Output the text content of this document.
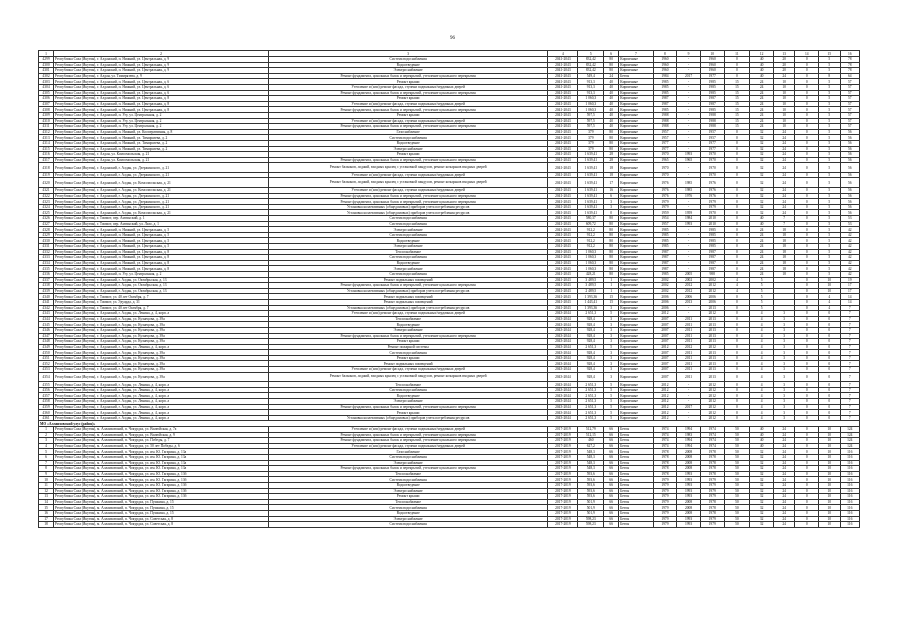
96
1	2	3	4	5	6	7	8	9	10	11	12	13	14	15	16
4299	Республика Саха (Якутия), г. Алданский, п. Нижний, ул. Центральная, д. 9	Система водоснабжения	2041-2043	832,42	80	Кирпичные	1960	-	1960	0	40	20	0	5	78
4300	Республика Саха (Якутия), г. Алданский, п. Нижний, ул. Центральная, д. 9	Водоотведение	2041-2043	832,42	80	Кирпичные	1960	-	1960	0	40	20	0	5	78
4301	Республика Саха (Якутия), г. Алданский, п. Нижний, ул. Центральная, д. 9	Электроснабжение	2041-2043	832,42	80	Кирпичные	1960	-	1960	0	40	20	0	5	78
4302	Республика Саха (Якутия), г. Алдан, ул. Тимирязева, д. 9	Ремонт фундамента, цокольных балок и перекрытий, утепление цокольного перекрытия	2041-2043	549,4	24	Бетон	1984	2017	1977	0	40	24	0	8	64
4303	Республика Саха (Якутия), г. Алданский, п. Нижний, ул. Центральная, д. 6	Ремонт крыши	2041-2043	913,3	40	Кирпичные	1985	-	1985	15	24	10	0	5	57
4304	Республика Саха (Якутия), г. Алданский, п. Нижний, ул. Центральная, д. 6	Утепление и (или) ремонт фасада, ступени подвальных/чердачных дверей	2041-2043	913,3	40	Кирпичные	1985	-	1985	15	24	10	0	5	57
4305	Республика Саха (Якутия), г. Алданский, п. Нижний, ул. Центральная, д. 6	Ремонт фундамента, цокольных балок и перекрытий, утепление цокольного перекрытия	2041-2043	913,3	40	Кирпичные	1985	-	1985	15	24	10	0	5	57
4306	Республика Саха (Якутия), г. Алданский, п. Нижний, ул. Центральная, д. 8	Ремонт крыши	2041-2043	1 060,3	40	Кирпичные	1987	-	1987	15	24	10	0	5	57
4307	Республика Саха (Якутия), г. Алданский, п. Нижний, ул. Центральная, д. 8	Утепление и (или) ремонт фасада, ступени подвальных/чердачных дверей	2041-2043	1 060,3	40	Кирпичные	1987	-	1987	15	24	10	0	5	57
4308	Республика Саха (Якутия), г. Алданский, п. Нижний, ул. Центральная, д. 8	Ремонт фундамента, цокольных балок и перекрытий, утепление цокольного перекрытия	2041-2043	1 060,3	40	Кирпичные	1985	-	1985	15	24	10	0	5	57
4309	Республика Саха (Якутия), г. Алданский, п. Угу, ул. Центральная, д. 2	Ремонт крыши	2041-2043	597,5	40	Кирпичные	1988	-	1988	15	24	10	0	5	57
4310	Республика Саха (Якутия), г. Алданский, п. Угу, ул. Центральная, д. 2	Утепление и (или) ремонт фасада, ступени подвальных/чердачных дверей	2041-2043	597,5	40	Кирпичные	1988	-	1988	15	24	10	0	5	57
4311	Республика Саха (Якутия), г. Алданский, п. Угу, ул. Центральная, д. 2	Ремонт фундамента, цокольных балок и перекрытий, утепление цокольного перекрытия	2041-2043	597,5	40	Кирпичные	1988	-	1988	15	24	10	0	5	57
4312	Республика Саха (Якутия), г. Алданский, п. Нижний, ул. Кооперативная, д. 8	Газоснабжение	2041-2043	379	80	Кирпичные	1957	-	1957	0	32	24	0	5	56
4313	Республика Саха (Якутия), г. Алданский, п. Нижний, ул. Тимирязева, д. 2	Система водоснабжения	2041-2043	379	80	Кирпичные	1957	-	1957	0	32	24	0	5	56
4314	Республика Саха (Якутия), г. Алданский, п. Нижний, ул. Тимирязева, д. 2	Водоотведение	2041-2043	379	80	Кирпичные	1977	-	1977	0	32	24	0	5	56
4315	Республика Саха (Якутия), г. Алданский, п. Нижний, ул. Тимирязева, д. 2	Электроснабжение	2041-2043	379	80	Кирпичные	1977	-	1977	0	32	24	0	5	56
4316	Республика Саха (Якутия), г. Алдан, ул. Комсомольская, д. 21	Ремонт крыши	2041-2043	1 639,41	28	Кирпичные	1970	1993	1970	0	32	24	0	5	56
4317	Республика Саха (Якутия), г. Алдан, ул. Комсомольская, д. 21	Ремонт фундамента, цокольных балок и перекрытий, утепление цокольного перекрытия	2041-2043	1 639,41	28	Кирпичные	1965	1965	1970	0	32	24	0	5	56
4318	Республика Саха (Якутия), г. Алданский, г. Алдан, ул. Дзержинского, д. 21	Ремонт балконов, лоджий, входных крылец с установкой пандусов, ремонт козырьков входных дверей	2041-2043	1 639,41	18	Кирпичные	1970	-	1970	0	32	24	0	5	56
4319	Республика Саха (Якутия), г. Алданский, г. Алдан, ул. Дзержинского, д. 21	Утепление и (или) ремонт фасада, ступени подвальных/чердачных дверей	2041-2043	1 639,41	18	Кирпичные	1970	-	1970	0	32	24	0	5	56
4320	Республика Саха (Якутия), г. Алданский, г. Алдан, ул. Комсомольская, д. 21	Ремонт балконов, лоджий, входных крылец с установкой пандусов, ремонт козырьков входных дверей	2041-2043	1 639,41	17	Кирпичные	1976	1985	1976	0	32	24	0	5	56
4321	Республика Саха (Якутия), г. Алданский, г. Алдан, ул. Комсомольская, д. 21	Утепление и (или) ремонт фасада, ступени подвальных/чердачных дверей	2041-2043	1 639,41	16	Кирпичные	1976	1985	1976	0	32	24	0	5	56
4322	Республика Саха (Якутия), г. Алданский, г. Алдан, ул. Дзержинского, д. 21	Ремонт фундамента, цокольных балок и перекрытий, утепление цокольного перекрытия	2041-2043	1 639,41	6	Кирпичные	1976	1976	1976	0	32	24	0	5	56
4323	Республика Саха (Якутия), г. Алданский, г. Алдан, ул. Дзержинского, д. 21	Ремонт фундамента, цокольных балок и перекрытий, утепление цокольного перекрытия	2041-2043	1 639,41	3	Кирпичные	1979	-	1979	0	32	24	0	5	56
4324	Республика Саха (Якутия), г. Алданский, г. Алдан, ул. Дзержинского, д. 21	Установка коллективных (общедомовых) приборов учета потребления ресурсов	2041-2043	1 639,41	3	Кирпичные	1979	-	1979	0	32	24	0	5	56
4325	Республика Саха (Якутия), г. Алданский, г. Алдан, ул. Комсомольская, д. 21	Установка коллективных (общедомовых) приборов учета потребления ресурсов	2041-2043	1 639,41	0	Кирпичные	1959	1959	1970	0	32	24	0	5	56
4326	Республика Саха (Якутия), г. Томмот, пер. Амгинский, д. 1	Система водоснабжения	2041-2043	580,37	80	Кирпичные	1954	1984	2010	0	40	7	0	5	53
4327	Республика Саха (Якутия), г. Томмот, пер. Амгинский, ул. Лазо, д. 1	Система водоснабжения	2041-2043	609,72	80	Кирпичные	1957	1993	2010	0	40	7	0	5	53
4328	Республика Саха (Якутия), г. Алданский, п. Нижний, ул. Центральная, д. 5	Электроснабжение	2041-2043	912,2	80	Кирпичные	1985	-	1985	0	24	18	0	5	42
4329	Республика Саха (Якутия), г. Алданский, п. Нижний, ул. Центральная, д. 5	Система водоснабжения	2041-2043	912,2	80	Кирпичные	1985	-	1985	0	24	18	0	5	42
4330	Республика Саха (Якутия), г. Алданский, п. Нижний, ул. Центральная, д. 5	Водоотведение	2041-2043	912,2	80	Кирпичные	1985	-	1985	0	24	18	0	5	42
4331	Республика Саха (Якутия), г. Алданский, п. Нижний, ул. Центральная, д. 5	Электроснабжение	2041-2043	912,2	80	Кирпичные	1985	-	1985	0	24	18	0	5	42
4332	Республика Саха (Якутия), г. Алданский, п. Нижний, ул. Центральная, д. 8	Теплоснабжение	2041-2043	1 060,3	80	Кирпичные	1987	-	1987	0	24	18	0	5	42
4333	Республика Саха (Якутия), г. Алданский, п. Нижний, ул. Центральная, д. 8	Система водоснабжения	2041-2043	1 060,3	80	Кирпичные	1987	-	1987	0	24	18	0	5	42
4334	Республика Саха (Якутия), г. Алданский, п. Нижний, ул. Центральная, д. 8	Водоотведение	2041-2043	1 060,3	80	Кирпичные	1987	-	1987	0	24	18	0	5	42
4335	Республика Саха (Якутия), г. Алданский, п. Нижний, ул. Центральная, д. 8	Электроснабжение	2041-2043	1 060,3	80	Кирпичные	1987	-	1987	0	24	18	0	5	42
4336	Республика Саха (Якутия), г. Алданский, п. Угу, ул. Центральная, д. 2	Система водоснабжения	2041-2043	428,21	80	Кирпичные	1985	2005	988	0	24	18	0	5	42
4337	Республика Саха (Якутия), г. Алданский, г. Алдан, ул. Октябрьская, д. 13	Ремонт подвальных помещений	2041-2043	3 489,5	1	Кирпичные	2002	2002	2002	4	5		0	10	19
4338	Республика Саха (Якутия), г. Алданский, г. Алдан, ул. Октябрьская, д. 13	Ремонт фундамента, цокольных балок и перекрытий, утепление цокольного перекрытия	2041-2043	3 489,5	1	Кирпичные	2002	2012	2012	4	5		0	10	17
4339	Республика Саха (Якутия), г. Алданский, г. Алдан, ул. Октябрьская, д. 13	Установка коллективных (общедомовых) приборов учета потребления ресурсов	2041-2043	2 489,5	1	Кирпичные	2002	2012	2012	4	5		0	10	17
4340	Республика Саха (Якутия), г. Томмот, ул. 40 лет Октября, д. 7	Ремонт подвальных помещений	2041-2043	1 393,36	15	Кирпичные	2006	2006	2006	0	5		0	4	14
4341	Республика Саха (Якутия), г. Томмот, ул. Эдуарда, д. 31	Ремонт подвальных помещений	2041-2043	1 443,41	15	Кирпичные	2006	2013	2006	0	5		0	4	14
4342	Республика Саха (Якутия), г. Томмот, ул. 40 лет Октября, д. 7	Установка коллективных (общедомовых) приборов учета потребления ресурсов	2041-2043	1 393,36	3	Кирпичные	2006	-	2013	0	5		0	4	7
4343	Республика Саха (Якутия), г. Алданский, г. Алдан, ул. Ленина, д. 4, корп. а	Утепление и (или) ремонт фасада, ступени подвальных/чердачных дверей	2043-2044	2 651,3	5	Кирпичные	2012	-	2012	0	4	3	0	0	7
4344	Республика Саха (Якутия), г. Алданский, г. Алдан, ул. Кузнецова, д. 39а	Теплоснабжение	2043-2044	928,4	3	Кирпичные	2007	2011	2013	0	4	3	0	0	7
4345	Республика Саха (Якутия), г. Алданский, г. Алдан, ул. Кузнецова, д. 39а	Водоотведение	2043-2044	928,4	3	Кирпичные	2007	2011	2013	0	4	3	0	0	7
4346	Республика Саха (Якутия), г. Алданский, г. Алдан, ул. Кузнецова, д. 39а	Электроснабжение	2043-2044	928,4	3	Кирпичные	2007	2011	2013	0	4	3	0	0	7
4347	Республика Саха (Якутия), г. Алданский, г. Алдан, ул. Кузнецова, д. 39а	Ремонт фундамента, цокольных балок и перекрытий, утепление цокольного перекрытия	2043-2044	928,4	3	Кирпичные	2007	2011	2013	0	4	3	0	0	7
4348	Республика Саха (Якутия), г. Алданский, г. Алдан, ул. Кузнецова, д. 39а	Ремонт крыши	2043-2044	928,4	3	Кирпичные	2007	2011	2013	0	4	3	0	0	7
4349	Республика Саха (Якутия), г. Алданский, г. Алдан, ул. Ленина, д. 4, корп. а	Ремонт пожарной системы	2043-2044	2 651,3	5	Кирпичные	2012	2012	2012	0	4	3	0	0	7
4350	Республика Саха (Якутия), г. Алданский, г. Алдан, ул. Кузнецова, д. 39а	Система водоснабжения	2043-2044	928,4	3	Кирпичные	2007	2011	2013	0	4	3	0	0	7
4351	Республика Саха (Якутия), г. Алданский, г. Алдан, ул. Кузнецова, д. 39а	Ремонт крыши	2043-2044	928,4	3	Кирпичные	2007	2011	2013	0	4	3	0	0	7
4352	Республика Саха (Якутия), г. Алданский, г. Алдан, ул. Кузнецова, д. 39а	Ремонт подвальных помещений	2043-2044	928,4	3	Кирпичные	2007	2011	2013	0	4	3	0	0	7
4353	Республика Саха (Якутия), г. Алданский, г. Алдан, ул. Кузнецова, д. 39а	Утепление и (или) ремонт фасада, ступени подвальных/чердачных дверей	2043-2044	928,4	3	Кирпичные	2007	2011	2013	0	4	3	0	0	7
4354	Республика Саха (Якутия), г. Алданский, г. Алдан, ул. Кузнецова, д. 39а	Ремонт балконов, лоджий, входных крылец с установкой пандусов, ремонт козырьков входных дверей	2043-2044	928,4	3	Кирпичные	2007	2011	2013	0	4	3	0	0	7
4355	Республика Саха (Якутия), г. Алданский, г. Алдан, ул. Ленина, д. 4, корп. а	Теплоснабжение	2043-2044	2 651,3	5	Кирпичные	2012	-	2012	0	4	3	0	0	7
4356	Республика Саха (Якутия), г. Алданский, г. Алдан, ул. Ленина, д. 4, корп. а	Система водоснабжения	2043-2044	2 651,3	5	Кирпичные	2012	-	2012	0	4	3	0	0	7
4357	Республика Саха (Якутия), г. Алданский, г. Алдан, ул. Ленина, д. 4, корп. а	Водоотведение	2043-2044	2 651,3	5	Кирпичные	2012	-	2012	0	4	3	0	0	7
4358	Республика Саха (Якутия), г. Алданский, г. Алдан, ул. Ленина, д. 4, корп. а	Электроснабжение	2043-2044	2 651,3	5	Кирпичные	2012	-	2012	0	4	3	0	0	7
4359	Республика Саха (Якутия), г. Алданский, г. Алдан, ул. Ленина, д. 4, корп. а	Ремонт фундамента, цокольных балок и перекрытий, утепление цокольного перекрытия	2043-2044	2 651,3	5	Кирпичные	2012	2017	2012	0	4	3	0	0	7
4360	Республика Саха (Якутия), г. Алданский, г. Алдан, ул. Ленина, д. 4, корп. а	Ремонт крыши	2043-2044	2 651,3	5	Кирпичные	2012	-	2012	0	4	3	0	0	7
4361	Республика Саха (Якутия), г. Алданский, г. Алдан, ул. Ленина, д. 4, корп. а	Установка коллективных (общедомовых) приборов учета потребления ресурсов	2043-2044	2 651,3	5	Кирпичные	2012	-	2012	0	4	3	0	0	7
МО «Аллаиховский улус (район)»															
1	Республика Саха (Якутия), м. Аллаиховский, п. Чокурдах, ул. Вилюйская, д. 7а	Утепление и (или) ремонт фасада, ступени подвальных/чердачных дверей	2017-2019	512,79	66	Бетон	1974	1994	1974	50	40	24	0	10	124
2	Республика Саха (Якутия), м. Аллаиховский, п. Чокурдах, ул. Вилюйская, д. 9	Ремонт фундамента, цокольных балок и перекрытий, утепление цокольного перекрытия	2017-2019	512,15	66	Бетон	1974	1983	1974	50	40	24	0	10	124
3	Республика Саха (Якутия), м. Аллаиховский, п. Чокурдах, ул. Победы, д. 7	Ремонт фундамента, цокольных балок и перекрытий, утепление цокольного перекрытия	2017-2019	460	66	Бетон	1974	1994	1974	50	40	24	0	10	124
4	Республика Саха (Якутия), м. Аллаиховский, п. Чокурдах, ул. 50 лет Победы, д. 6	Утепление и (или) ремонт фасада, ступени подвальных/чердачных дверей	2017-2019	627,2	66	Бетон	1974	1994	1974	50	40	24	0	10	124
5	Республика Саха (Якутия), м. Аллаиховский, п. Чокурдах, ул. им. Ю. Гагарина, д. 13а	Газоснабжение	2017-2019	548,3	66	Бетон	1978	2008	1978	50	32	24	0	10	116
6	Республика Саха (Якутия), м. Аллаиховский, п. Чокурдах, ул. им. Ю. Гагарина, д. 13а	Система водоснабжения	2017-2019	548,3	66	Бетон	1978	2008	1978	50	32	24	0	10	116
7	Республика Саха (Якутия), м. Аллаиховский, п. Чокурдах, ул. им. Ю. Гагарина, д. 13а	Электроснабжение	2017-2019	548,3	66	Бетон	1978	2008	1978	50	32	24	0	10	116
8	Республика Саха (Якутия), м. Аллаиховский, п. Чокурдах, ул. им. Ю. Гагарина, д. 13а	Ремонт фундамента, цокольных балок и перекрытий, утепление цокольного перекрытия	2017-2019	548,3	66	Бетон	1978	2008	1978	50	32	24	0	10	116
9	Республика Саха (Якутия), м. Аллаиховский, п. Чокурдах, ул. им. Ю. Гагарина, д. 13б	Теплоснабжение	2017-2019	593,6	66	Бетон	1978	1993	1978	50	32	24	0	10	116
10	Республика Саха (Якутия), м. Аллаиховский, п. Чокурдах, ул. им. Ю. Гагарина, д. 13б	Система водоснабжения	2017-2019	593,6	66	Бетон	1979	1993	1979	50	32	24	0	10	116
11	Республика Саха (Якутия), м. Аллаиховский, п. Чокурдах, ул. им. Ю. Гагарина, д. 13б	Водоотведение	2017-2019	593,6	66	Бетон	1979	1993	1979	50	32	24	0	10	116
12	Республика Саха (Якутия), м. Аллаиховский, п. Чокурдах, ул. им. Ю. Гагарина, д. 13б	Электроснабжение	2017-2019	593,6	66	Бетон	1979	1993	1979	50	32	24	0	10	116
13	Республика Саха (Якутия), м. Аллаиховский, п. Чокурдах, ул. им. Ю. Гагарина, д. 13б	Ремонт крыши	2017-2019	593,6	66	Бетон	1979	1993	1979	50	32	24	0	10	116
14	Республика Саха (Якутия), м. Аллаиховский, п. Чокурдах, ул. Пушкина, д. 15	Теплоснабжение	2017-2019	501,9	66	Бетон	1979	2008	1978	50	32	24	0	10	116
15	Республика Саха (Якутия), м. Аллаиховский, п. Чокурдах, ул. Пушкина, д. 15	Система водоснабжения	2017-2019	501,9	66	Бетон	1979	2008	1978	50	32	24	0	10	116
16	Республика Саха (Якутия), м. Аллаиховский, п. Чокурдах, ул. Пушкина, д. 15	Водоотведение	2017-2019	501,9	66	Бетон	1979	2008	1978	50	32	24	0	10	116
17	Республика Саха (Якутия), м. Аллаиховский, п. Чокурдах, ул. Советская, д. 8	Электроснабжение	2017-2019	598,23	66	Бетон	1979	1993	1979	50	32	24	0	10	116
18	Республика Саха (Якутия), м. Аллаиховский, п. Чокурдах, ул. Советская, д. 8	Система водоснабжения	2017-2019	598,23	66	Бетон	1979	1993	1979	50	32	24	0	10	116
